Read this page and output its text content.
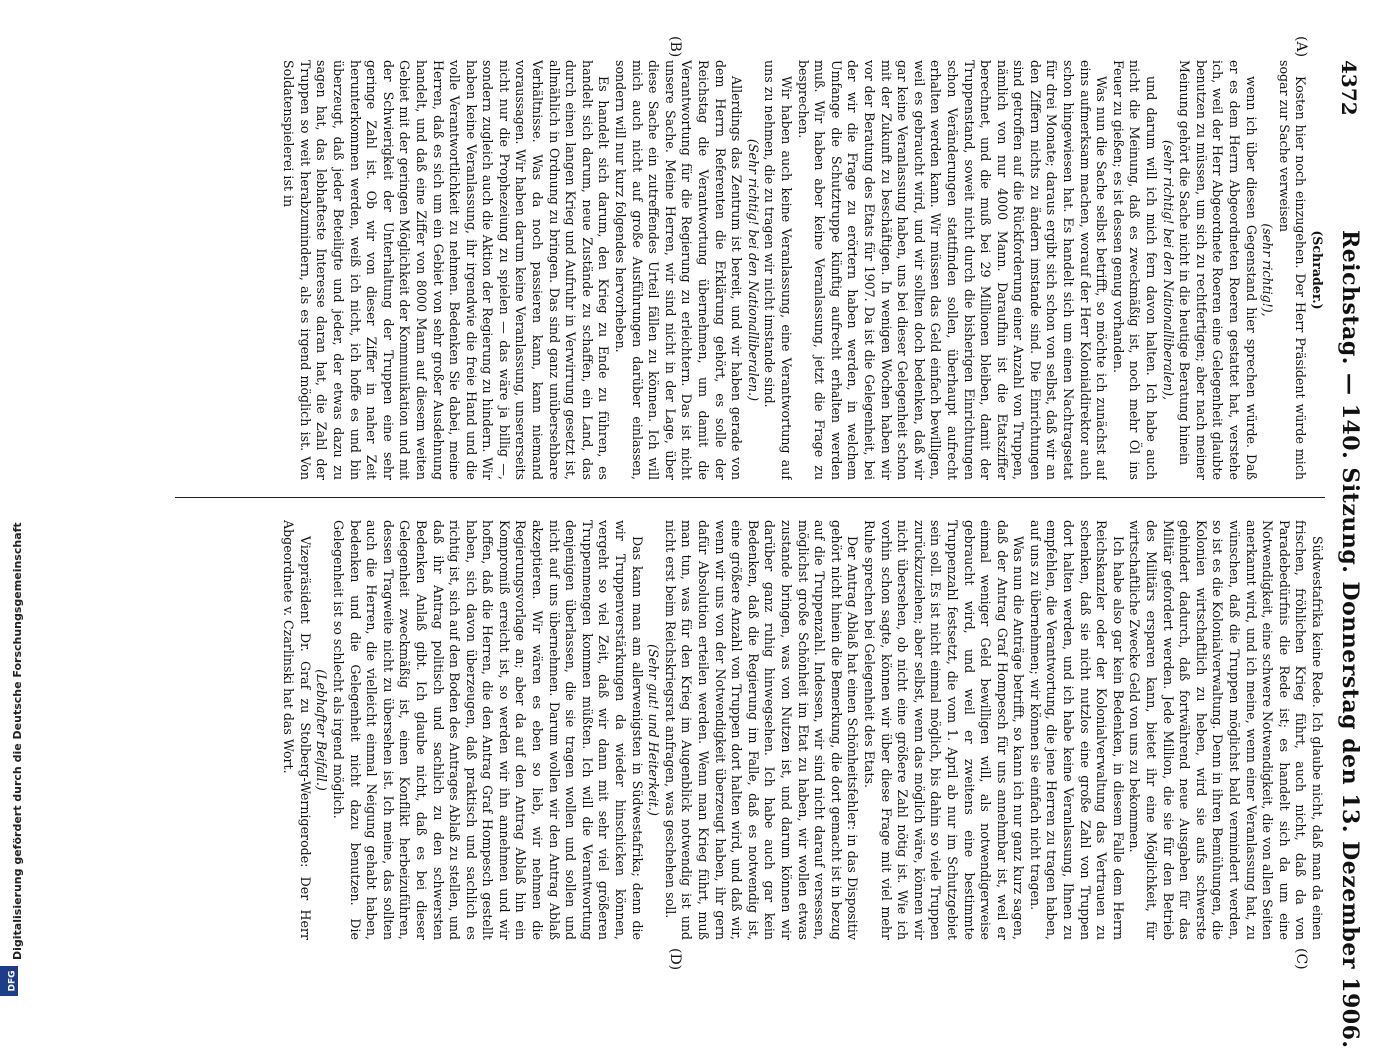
4372
Reichstag. — 140. Sitzung. Donnerstag den 13. Dezember 1906.
(A)
(B)
(C)
(D)

(Schrader.)

Kosten hier noch einzugehen. Der Herr Präsident würde mich sogar zur Sache verweisen

(sehr richtig!),

wenn ich über diesen Gegenstand hier sprechen würde. Daß er es dem Herrn Abgeordneten Roeren gestattet hat, verstehe ich, weil der Herr Abgeordnete Roeren eine Gelegenheit glaubte benutzen zu müssen, um sich zu rechtfertigen; aber nach meiner Meinung gehört die Sache nicht in die heutige Beratung hinein

(sehr richtig! bei den Nationalliberalen),

und darum will ich mich fern davon halten. Ich habe auch nicht die Meinung, daß es zweckmäßig ist, noch mehr Öl ins Feuer zu gießen; es ist dessen genug vorhanden.

Was nun die Sache selbst betrifft, so möchte ich zunächst auf eins aufmerksam machen, worauf der Herr Kolonialdirektor auch schon hingewiesen hat. Es handelt sich um einen Nachtragsetat für drei Monate; daraus ergibt sich schon von selbst, daß wir an den Ziffern nichts zu ändern imstande sind. Die Einrichtungen sind getroffen auf die Rückforderung einer Anzahl von Truppen, nämlich von nur 4000 Mann. Daraufhin ist die Etatsziffer berechnet, und die muß bei 29 Millionen bleiben, damit der Truppenstand, soweit nicht durch die bisherigen Einrichtungen schon Veränderungen stattfinden sollen, überhaupt aufrecht erhalten werden kann. Wir müssen das Geld einfach bewilligen, weil es gebraucht wird, und wir sollten doch bedenken, daß wir gar keine Veranlassung haben, uns bei dieser Gelegenheit schon mit der Zukunft zu beschäftigen. In wenigen Wochen haben wir vor der Beratung des Etats für 1907. Da ist die Gelegenheit, bei der wir die Frage zu erörtern haben werden, in welchem Umfange die Schutztruppe künftig aufrecht erhalten werden muß. Wir haben aber keine Veranlassung, jetzt die Frage zu besprechen.

Wir haben auch keine Veranlassung, eine Verantwortung auf uns zu nehmen, die zu tragen wir nicht imstande sind.

(Sehr richtig! bei den Nationalliberalen.)

Allerdings das Zentrum ist bereit, und wir haben gerade von dem Herrn Referenten die Erklärung gehört, es solle der Reichstag die Verantwortung übernehmen, um damit die Verantwortung für die Regierung zu erleichtern. Das ist nicht unsere Sache. Meine Herren, wir sind nicht in der Lage, über diese Sache ein zutreffendes Urteil fällen zu können. Ich will mich auch nicht auf große Ausführungen darüber einlassen, sondern will nur kurz folgendes hervorheben.

Es handelt sich darum, den Krieg zu Ende zu führen, es handelt sich darum, neue Zustände zu schaffen, ein Land, das durch einen langen Krieg und Aufruhr in Verwirrung gesetzt ist, allmählich in Ordnung zu bringen. Das sind ganz unübersehbare Verhältnisse. Was da noch passieren kann, kann niemand voraussagen. Wir haben darum keine Veranlassung, unsererseits nicht nur die Prophezeiung zu spielen — das wäre ja billig —, sondern zugleich auch die Aktion der Regierung zu hindern. Wir haben keine Veranlassung, ihr irgendwie die freie Hand und die volle Verantwortlichkeit zu nehmen. Bedenken Sie dabei, meine Herren, daß es sich um ein Gebiet von sehr großer Ausdehnung handelt, und daß eine Ziffer von 8000 Mann auf diesem weiten Gebiet mit der geringen Möglichkeit der Kommunikation und mit der Schwierigkeit der Unterhaltung der Truppen eine sehr geringe Zahl ist. Ob wir von dieser Ziffer in naher Zeit herunterkommen werden, weiß ich nicht, ich hoffe es und bin überzeugt, daß jeder Beteiligte und jeder, der etwas dazu zu sagen hat, das lebhafteste Interesse daran hat, die Zahl der Truppen so weit herabzumindern, als es irgend möglich ist. Von Soldatenspielerei ist in

Südwestafrika keine Rede. Ich glaube nicht, daß man da einen frischen, fröhlichen Krieg führt, auch nicht, daß da von Paradebedürfnis die Rede ist; es handelt sich da um eine Notwendigkeit, eine schwere Notwendigkeit, die von allen Seiten anerkannt wird, und ich meine, wenn einer Veranlassung hat, zu wünschen, daß die Truppen möglichst bald vermindert werden, so ist es die Kolonialverwaltung. Denn in ihren Bemühungen, die Kolonien wirtschaftlich zu heben, wird sie aufs schwerste gehindert dadurch, daß fortwährend neue Ausgaben für das Militär gefordert werden. Jede Million, die sie für den Betrieb des Militärs ersparen kann, bietet ihr eine Möglichkeit, für wirtschaftliche Zwecke Geld von uns zu bekommen.

Ich habe also gar kein Bedenken, in diesem Falle dem Herrn Reichskanzler oder der Kolonialverwaltung das Vertrauen zu schenken, daß sie nicht nutzlos eine große Zahl von Truppen dort halten werden, und ich habe keine Veranlassung, Ihnen zu empfehlen, die Verantwortung, die jene Herren zu tragen haben, auf uns zu übernehmen; wir können sie einfach nicht tragen.

Was nun die Anträge betrifft, so kann ich nur ganz kurz sagen, daß der Antrag Graf Hompesch für uns annehmbar ist, weil er einmal weniger Geld bewilligen will, als notwendigerweise gebraucht wird, und weil er zweitens eine bestimmte Truppenzahl festsetzt, die vom 1. April ab nur im Schutzgebiet sein soll. Es ist nicht einmal möglich, bis dahin so viele Truppen zurückzuziehen; aber selbst, wenn das möglich wäre, können wir nicht übersehen, ob nicht eine größere Zahl nötig ist. Wie ich vorhin schon sagte, können wir über diese Frage mit viel mehr Ruhe sprechen bei Gelegenheit des Etats.

Der Antrag Ablaß hat einen Schönheitsfehler: in das Dispositiv gehört nicht hinein die Bemerkung, die dort gemacht ist in bezug auf die Truppenzahl. Indessen, wir sind nicht darauf versessen, möglichst große Schönheit im Etat zu haben, wir wollen etwas zustande bringen, was von Nutzen ist, und darum können wir darüber ganz ruhig hinwegsehen. Ich habe auch gar kein Bedenken, daß die Regierung im Falle, daß es notwendig ist, eine größere Anzahl von Truppen dort halten wird, und daß wir, wenn wir uns von der Notwendigkeit überzeugt haben, ihr gern dafür Absolution erteilen werden. Wenn man Krieg führt, muß man tun, was für den Krieg im Augenblick notwendig ist und nicht erst beim Reichskriegsrat anfragen, was geschehen soll.

(Sehr gut! und Heiterkeit.)

Das kann man am allerwenigsten in Südwestafrika; denn die wir Truppenverstärkungen da wieder hinschicken können, vergeht so viel Zeit, daß wir dann mit sehr viel größeren Truppenmengen kommen müßten. Ich will die Verantwortung denjenigen überlassen, die sie tragen wollen und sollen und nicht auf uns übernehmen. Darum wollen wir den Antrag Ablaß akzeptieren. Wir wären es eben so lieb, wir nehmen die Regierungsvorlage an; aber da auf den Antrag Ablaß hin ein Kompromiß erreicht ist, so werden wir ihn annehmen und wir hoffen, daß die Herren, die den Antrag Graf Hompesch gestellt haben, sich davon überzeugen, daß praktisch und sachlich es richtig ist, sich auf den Boden des Antrages Ablaß zu stellen, und daß ihr Antrag politisch und sachlich zu den schwersten Bedenken Anlaß gibt. Ich glaube nicht, daß es bei dieser Gelegenheit zweckmäßig ist, einen Konflikt herbeizuführen, dessen Tragweite nicht zu übersehen ist. Ich meine, das sollten auch die Herren, die vielleicht einmal Neigung gehabt haben, bedenken und die Gelegenheit nicht dazu benutzen. Die Gelegenheit ist so schlecht als irgend möglich.

(Lebhafter Beifall.)

Vizepräsident Dr. Graf zu Stolberg-Wernigerode: Der Herr Abgeordnete v. Czarlinski hat das Wort.

Digitalisierung gefördert durch die Deutsche Forschungsgemeinschaft
DFG
